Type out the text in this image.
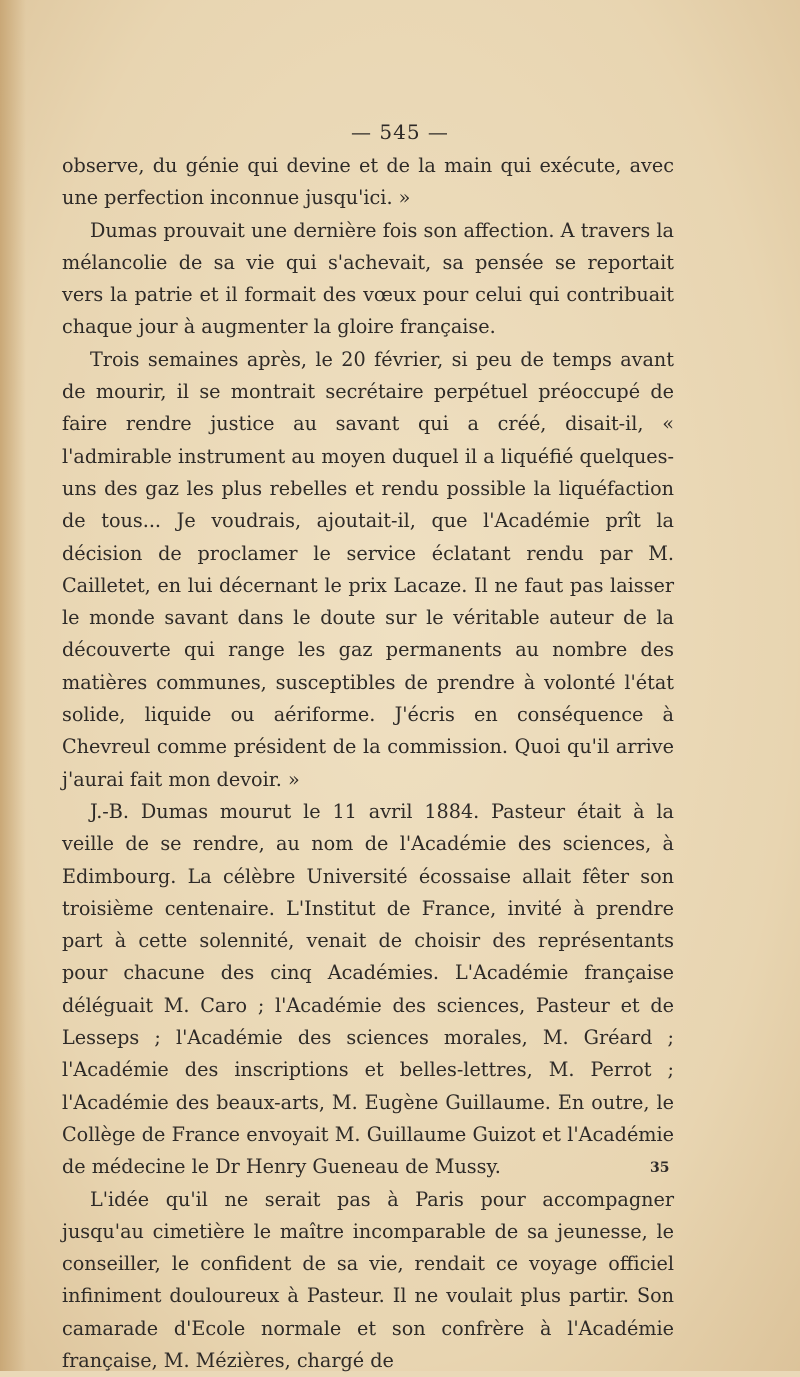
— 545 —

observe, du génie qui devine et de la main qui exécute, avec une perfection inconnue jusqu'ici. »

Dumas prouvait une dernière fois son affection. A travers la mélancolie de sa vie qui s'achevait, sa pensée se reportait vers la patrie et il formait des vœux pour celui qui contribuait chaque jour à augmenter la gloire française.

Trois semaines après, le 20 février, si peu de temps avant de mourir, il se montrait secrétaire perpétuel préoccupé de faire rendre justice au savant qui a créé, disait-il, « l'admirable instrument au moyen duquel il a liquéfié quelques-uns des gaz les plus rebelles et rendu possible la liquéfaction de tous... Je voudrais, ajoutait-il, que l'Académie prît la décision de proclamer le service éclatant rendu par M. Cailletet, en lui décernant le prix Lacaze. Il ne faut pas laisser le monde savant dans le doute sur le véritable auteur de la découverte qui range les gaz permanents au nombre des matières communes, susceptibles de prendre à volonté l'état solide, liquide ou aériforme. J'écris en conséquence à Chevreul comme président de la commission. Quoi qu'il arrive j'aurai fait mon devoir. »

J.-B. Dumas mourut le 11 avril 1884. Pasteur était à la veille de se rendre, au nom de l'Académie des sciences, à Edimbourg. La célèbre Université écossaise allait fêter son troisième centenaire. L'Institut de France, invité à prendre part à cette solennité, venait de choisir des représentants pour chacune des cinq Académies. L'Académie française déléguait M. Caro ; l'Académie des sciences, Pasteur et de Lesseps ; l'Académie des sciences morales, M. Gréard ; l'Académie des inscriptions et belles-lettres, M. Perrot ; l'Académie des beaux-arts, M. Eugène Guillaume. En outre, le Collège de France envoyait M. Guillaume Guizot et l'Académie de médecine le Dr Henry Gueneau de Mussy.

L'idée qu'il ne serait pas à Paris pour accompagner jusqu'au cimetière le maître incomparable de sa jeunesse, le conseiller, le confident de sa vie, rendait ce voyage officiel infiniment douloureux à Pasteur. Il ne voulait plus partir. Son camarade d'Ecole normale et son confrère à l'Académie française, M. Mézières, chargé de

35
